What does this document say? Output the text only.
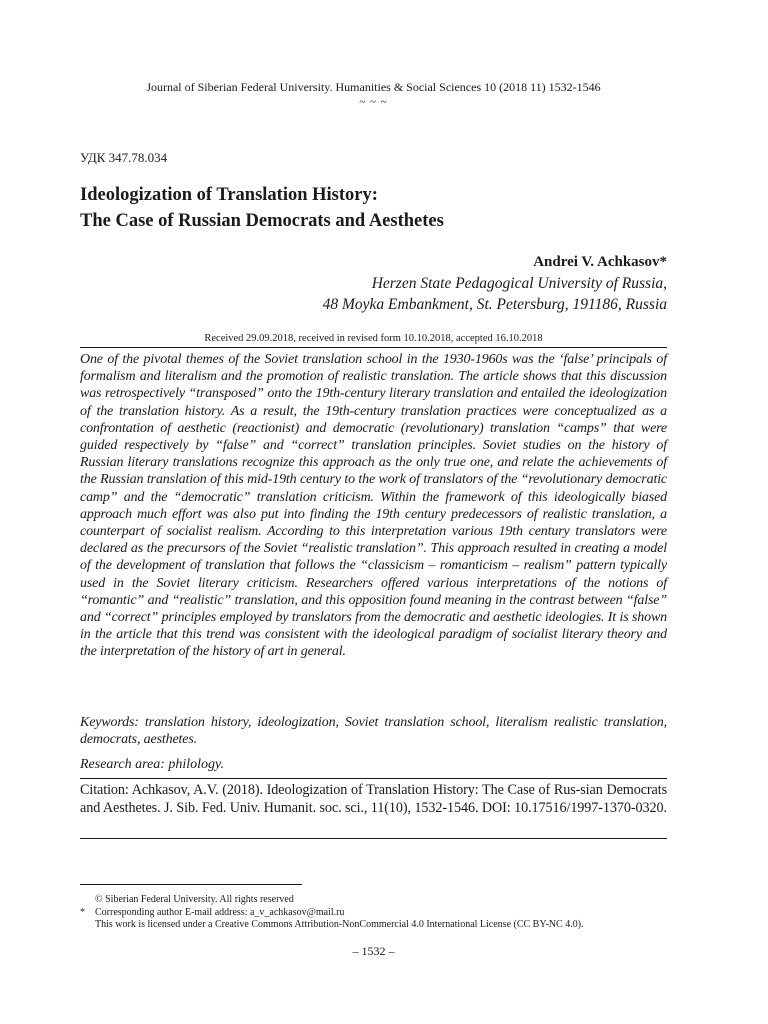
Journal of Siberian Federal University. Humanities & Social Sciences 10 (2018 11) 1532-1546
~ ~ ~
УДК 347.78.034
Ideologization of Translation History:
The Case of Russian Democrats and Aesthetes
Andrei V. Achkasov*
Herzen State Pedagogical University of Russia,
48 Moyka Embankment, St. Petersburg, 191186, Russia
Received 29.09.2018, received in revised form 10.10.2018, accepted 16.10.2018
One of the pivotal themes of the Soviet translation school in the 1930-1960s was the ‘false’ principals of formalism and literalism and the promotion of realistic translation. The article shows that this discussion was retrospectively “transposed” onto the 19th-century literary translation and entailed the ideologization of the translation history. As a result, the 19th-century translation practices were conceptualized as a confrontation of aesthetic (reactionist) and democratic (revolutionary) translation “camps” that were guided respectively by “false” and “correct” translation principles. Soviet studies on the history of Russian literary translations recognize this approach as the only true one, and relate the achievements of the Russian translation of this mid-19th century to the work of translators of the “revolutionary democratic camp” and the “democratic” translation criticism. Within the framework of this ideologically biased approach much effort was also put into finding the 19th century predecessors of realistic translation, a counterpart of socialist realism. According to this interpretation various 19th century translators were declared as the precursors of the Soviet “realistic translation”. This approach resulted in creating a model of the development of translation that follows the “classicism – romanticism – realism” pattern typically used in the Soviet literary criticism. Researchers offered various interpretations of the notions of “romantic” and “realistic” translation, and this opposition found meaning in the contrast between “false” and “correct” principles employed by translators from the democratic and aesthetic ideologies. It is shown in the article that this trend was consistent with the ideological paradigm of socialist literary theory and the interpretation of the history of art in general.
Keywords: translation history, ideologization, Soviet translation school, literalism realistic translation, democrats, aesthetes.
Research area: philology.
Citation: Achkasov, A.V. (2018). Ideologization of Translation History: The Case of Rus-sian Democrats and Aesthetes. J. Sib. Fed. Univ. Humanit. soc. sci., 11(10), 1532-1546. DOI: 10.17516/1997-1370-0320.
© Siberian Federal University. All rights reserved
*	Corresponding author E-mail address: a_v_achkasov@mail.ru
This work is licensed under a Creative Commons Attribution-NonCommercial 4.0 International License (CC BY-NC 4.0).
– 1532 –
